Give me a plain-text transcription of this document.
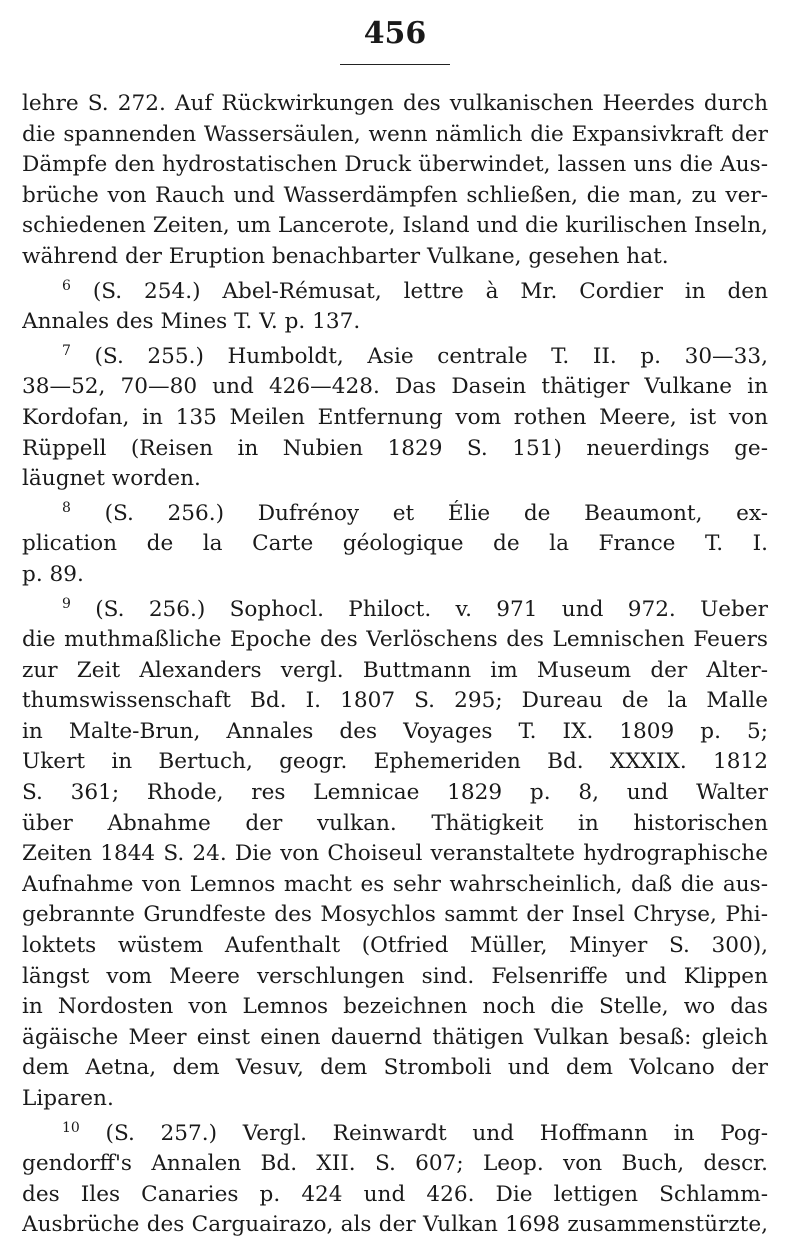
456
lehre S. 272. Auf Rückwirkungen des vulkanischen Heerdes durch
die spannenden Wassersäulen, wenn nämlich die Expansivkraft der
Dämpfe den hydrostatischen Druck überwindet, lassen uns die Aus-
brüche von Rauch und Wasserdämpfen schließen, die man, zu ver-
schiedenen Zeiten, um Lancerote, Island und die kurilischen Inseln,
während der Eruption benachbarter Vulkane, gesehen hat.
$^6$ (S. 254.) Abel-Rémusat, lettre à Mr. Cordier in den
Annales des Mines T. V. p. 137.
$^7$ (S. 255.) Humboldt, Asie centrale T. II. p. 30—33,
38—52, 70—80 und 426—428. Das Dasein thätiger Vulkane in
Kordofan, in 135 Meilen Entfernung vom rothen Meere, ist von
Rüppell (Reisen in Nubien 1829 S. 151) neuerdings ge-
läugnet worden.
$^8$ (S. 256.) Dufrénoy et Élie de Beaumont, ex-
plication de la Carte géologique de la France T. I.
p. 89.
$^9$ (S. 256.) Sophocl. Philoct. v. 971 und 972. Ueber
die muthmaßliche Epoche des Verlöschens des Lemnischen Feuers
zur Zeit Alexanders vergl. Buttmann im Museum der Alter-
thumswissenschaft Bd. I. 1807 S. 295; Dureau de la Malle
in Malte-Brun, Annales des Voyages T. IX. 1809 p. 5;
Ukert in Bertuch, geogr. Ephemeriden Bd. XXXIX. 1812
S. 361; Rhode, res Lemnicae 1829 p. 8, und Walter
über Abnahme der vulkan. Thätigkeit in historischen
Zeiten 1844 S. 24. Die von Choiseul veranstaltete hydrographische
Aufnahme von Lemnos macht es sehr wahrscheinlich, daß die aus-
gebrannte Grundfeste des Mosychlos sammt der Insel Chryse, Phi-
loktets wüstem Aufenthalt (Otfried Müller, Minyer S. 300),
längst vom Meere verschlungen sind. Felsenriffe und Klippen
in Nordosten von Lemnos bezeichnen noch die Stelle, wo das
ägäische Meer einst einen dauernd thätigen Vulkan besaß: gleich
dem Aetna, dem Vesuv, dem Stromboli und dem Volcano der
Liparen.
$^{10}$ (S. 257.) Vergl. Reinwardt und Hoffmann in Pog-
gendorff's Annalen Bd. XII. S. 607; Leop. von Buch, descr.
des Iles Canaries p. 424 und 426. Die lettigen Schlamm-
Ausbrüche des Carguairazo, als der Vulkan 1698 zusammenstürzte,
